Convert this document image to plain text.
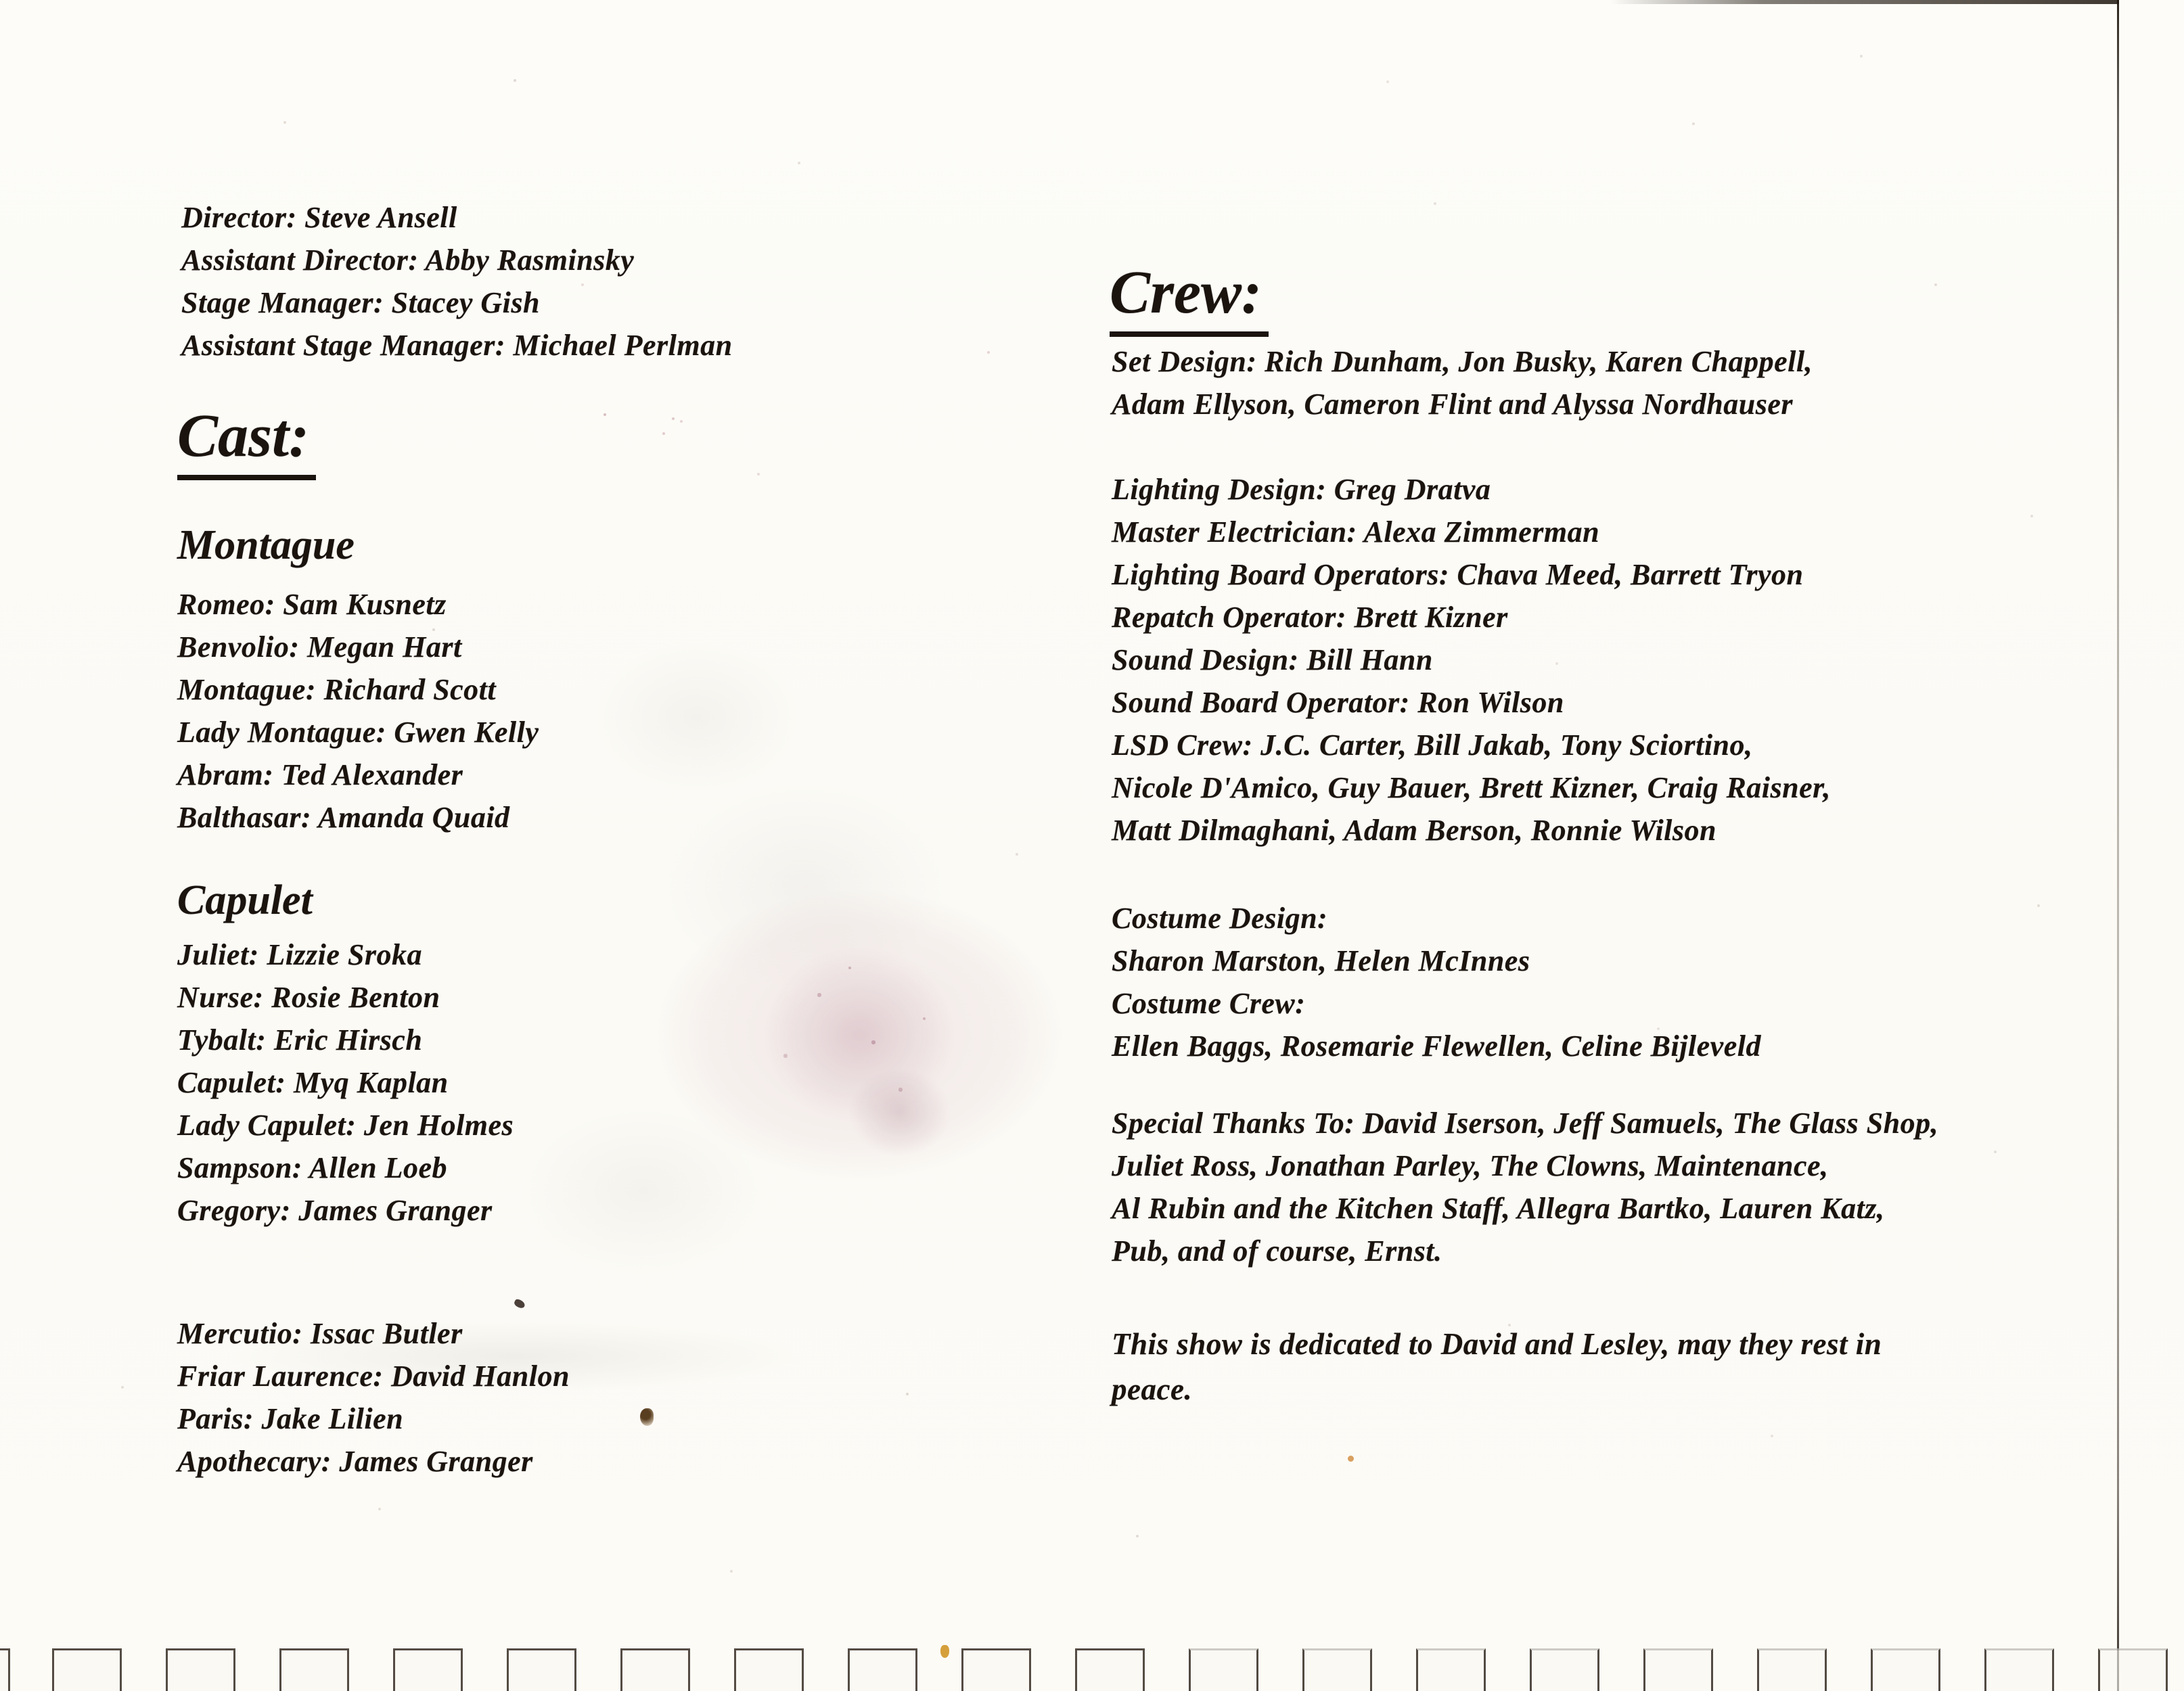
Director: Steve Ansell
Assistant Director: Abby Rasminsky
Stage Manager: Stacey Gish
Assistant Stage Manager: Michael Perlman
Cast:
Montague
Romeo: Sam Kusnetz
Benvolio: Megan Hart
Montague: Richard Scott
Lady Montague: Gwen Kelly
Abram: Ted Alexander
Balthasar: Amanda Quaid
Capulet
Juliet: Lizzie Sroka
Nurse: Rosie Benton
Tybalt: Eric Hirsch
Capulet: Myq Kaplan
Lady Capulet: Jen Holmes
Sampson: Allen Loeb
Gregory: James Granger
Mercutio: Issac Butler
Friar Laurence: David Hanlon
Paris: Jake Lilien
Apothecary: James Granger
Crew:
Set Design: Rich Dunham, Jon Busky, Karen Chappell,
Adam Ellyson, Cameron Flint and Alyssa Nordhauser
Lighting Design: Greg Dratva
Master Electrician: Alexa Zimmerman
Lighting Board Operators: Chava Meed, Barrett Tryon
Repatch Operator: Brett Kizner
Sound Design: Bill Hann
Sound Board Operator: Ron Wilson
LSD Crew: J.C. Carter, Bill Jakab, Tony Sciortino,
Nicole D'Amico, Guy Bauer, Brett Kizner, Craig Raisner,
Matt Dilmaghani, Adam Berson, Ronnie Wilson
Costume Design:
Sharon Marston, Helen McInnes
Costume Crew:
Ellen Baggs, Rosemarie Flewellen, Celine Bijleveld
Special Thanks To: David Iserson, Jeff Samuels, The Glass Shop,
Juliet Ross, Jonathan Parley, The Clowns, Maintenance,
Al Rubin and the Kitchen Staff, Allegra Bartko, Lauren Katz,
Pub, and of course, Ernst.
This show is dedicated to David and Lesley, may they rest in
peace.
